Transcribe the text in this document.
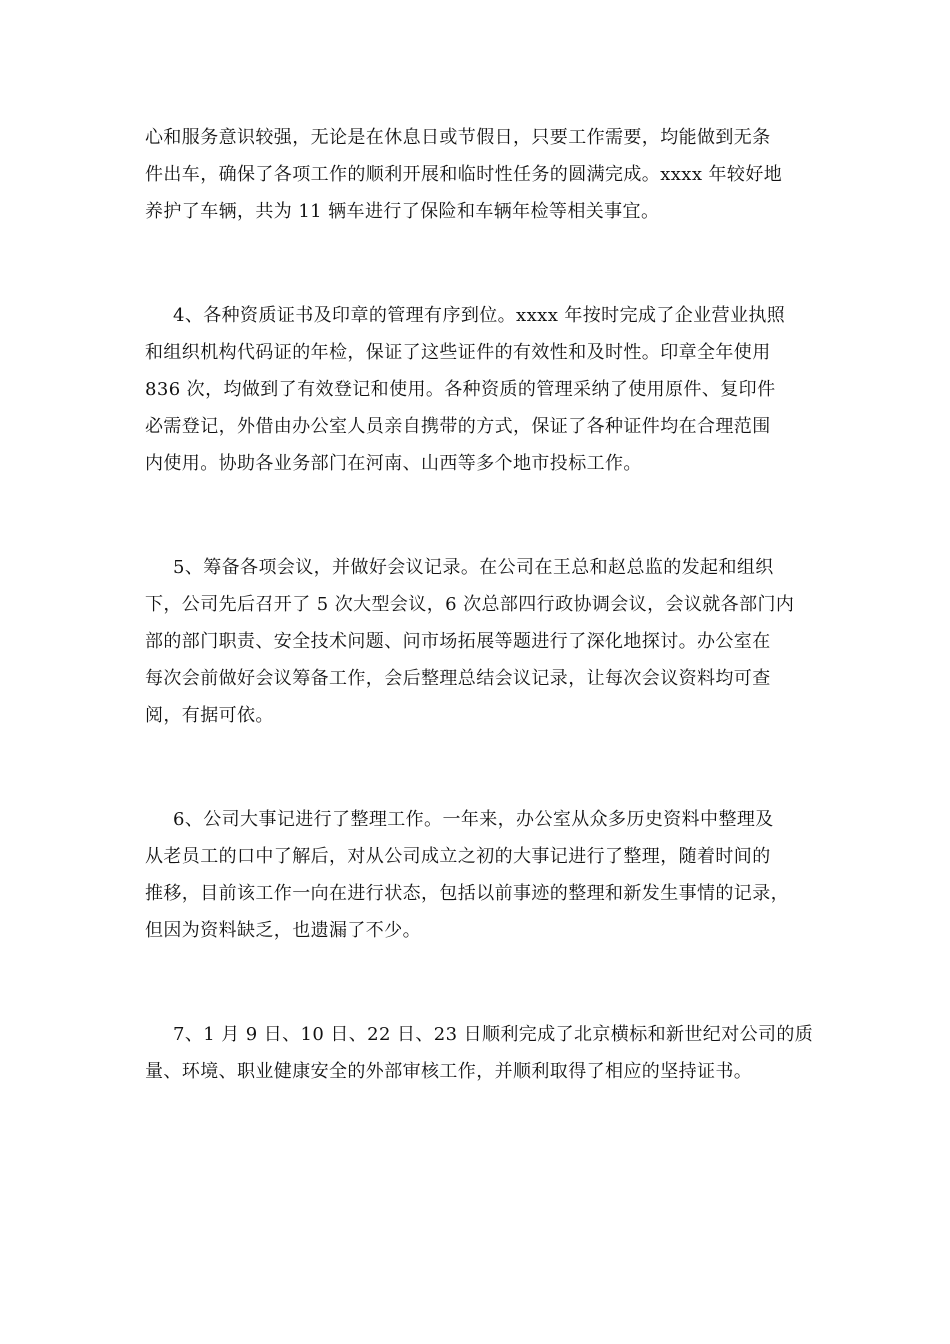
心和服务意识较强，无论是在休息日或节假日，只要工作需要，均能做到无条
件出车，确保了各项工作的顺利开展和临时性任务的圆满完成。xxxx 年较好地
养护了车辆，共为 11 辆车进行了保险和车辆年检等相关事宜。
4、各种资质证书及印章的管理有序到位。xxxx 年按时完成了企业营业执照
和组织机构代码证的年检，保证了这些证件的有效性和及时性。印章全年使用
836 次，均做到了有效登记和使用。各种资质的管理采纳了使用原件、复印件
必需登记，外借由办公室人员亲自携带的方式，保证了各种证件均在合理范围
内使用。协助各业务部门在河南、山西等多个地市投标工作。
5、筹备各项会议，并做好会议记录。在公司在王总和赵总监的发起和组织
下，公司先后召开了 5 次大型会议，6 次总部四行政协调会议，会议就各部门内
部的部门职责、安全技术问题、问市场拓展等题进行了深化地探讨。办公室在
每次会前做好会议筹备工作，会后整理总结会议记录，让每次会议资料均可查
阅，有据可依。
6、公司大事记进行了整理工作。一年来，办公室从众多历史资料中整理及
从老员工的口中了解后，对从公司成立之初的大事记进行了整理，随着时间的
推移，目前该工作一向在进行状态，包括以前事迹的整理和新发生事情的记录，
但因为资料缺乏，也遗漏了不少。
7、1 月 9 日、10 日、22 日、23 日顺利完成了北京横标和新世纪对公司的质
量、环境、职业健康安全的外部审核工作，并顺利取得了相应的坚持证书。
